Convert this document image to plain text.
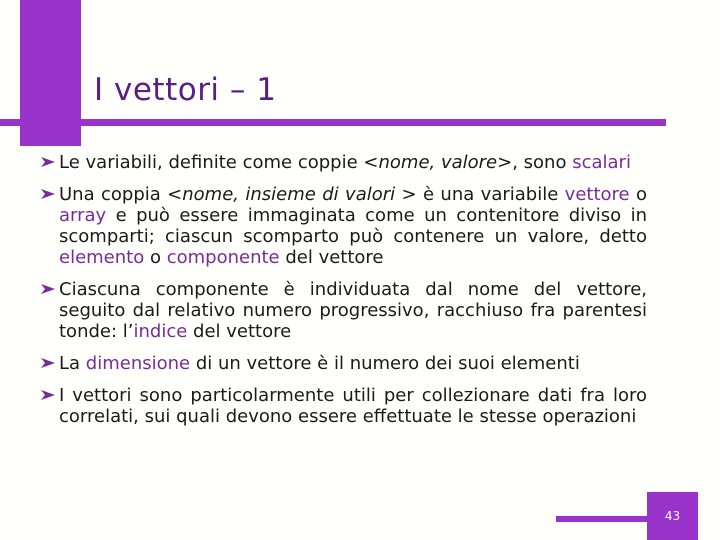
I vettori – 1
Le variabili, definite come coppie <nome, valore>, sono scalari
Una coppia <nome, insieme di valori > è una variabile vettore o array e può essere immaginata come un contenitore diviso in scomparti; ciascun scomparto può contenere un valore, detto elemento o componente del vettore
Ciascuna componente è individuata dal nome del vettore, seguito dal relativo numero progressivo, racchiuso fra parentesi tonde: l’indice del vettore
La dimensione di un vettore è il numero dei suoi elementi
I vettori sono particolarmente utili per collezionare dati fra loro correlati, sui quali devono essere effettuate le stesse operazioni
43
